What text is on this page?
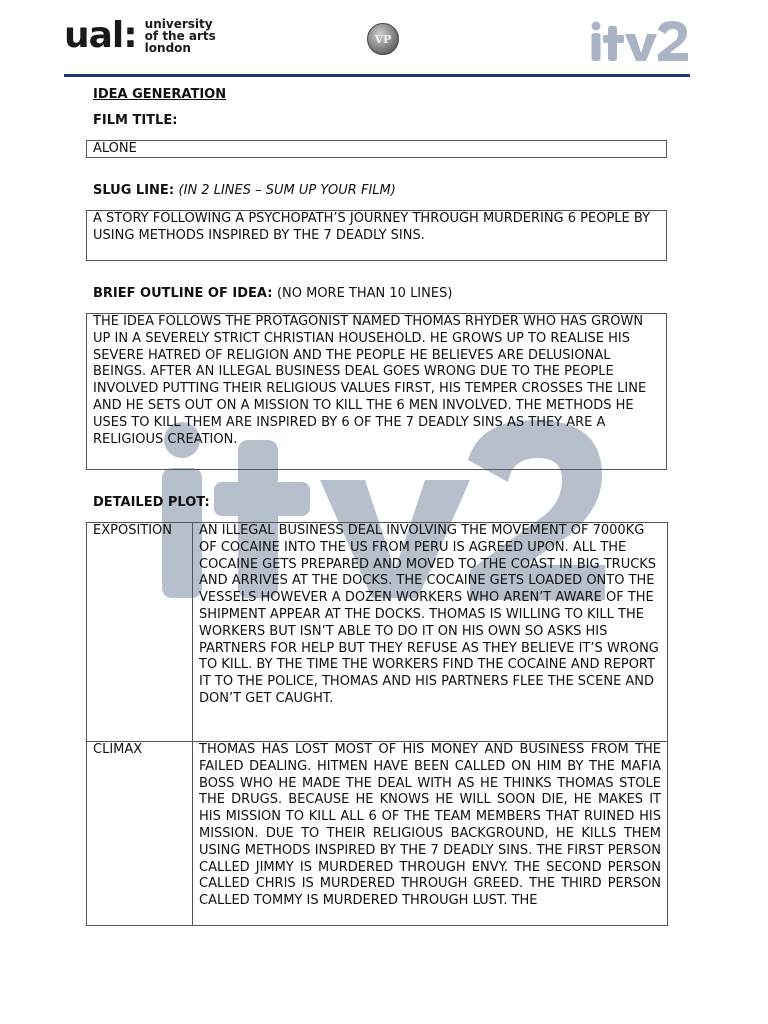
ual: university
of the arts
london
VP
IDEA GENERATION
FILM TITLE:

ALONE

SLUG LINE: (IN 2 LINES – SUM UP YOUR FILM)

A STORY FOLLOWING A PSYCHOPATH’S JOURNEY THROUGH MURDERING 6 PEOPLE BY USING METHODS INSPIRED BY THE 7 DEADLY SINS.

BRIEF OUTLINE OF IDEA: (NO MORE THAN 10 LINES)

THE IDEA FOLLOWS THE PROTAGONIST NAMED THOMAS RHYDER WHO HAS GROWN UP IN A SEVERELY STRICT CHRISTIAN HOUSEHOLD. HE GROWS UP TO REALISE HIS SEVERE HATRED OF RELIGION AND THE PEOPLE HE BELIEVES ARE DELUSIONAL BEINGS. AFTER AN ILLEGAL BUSINESS DEAL GOES WRONG DUE TO THE PEOPLE INVOLVED PUTTING THEIR RELIGIOUS VALUES FIRST, HIS TEMPER CROSSES THE LINE AND HE SETS OUT ON A MISSION TO KILL THE 6 MEN INVOLVED. THE METHODS HE USES TO KILL THEM ARE INSPIRED BY 6 OF THE 7 DEADLY SINS AS THEY ARE A RELIGIOUS CREATION.

DETAILED PLOT:
EXPOSITION	AN ILLEGAL BUSINESS DEAL INVOLVING THE MOVEMENT OF 7000KG OF COCAINE INTO THE US FROM PERU IS AGREED UPON. ALL THE COCAINE GETS PREPARED AND MOVED TO THE COAST IN BIG TRUCKS AND ARRIVES AT THE DOCKS. THE COCAINE GETS LOADED ONTO THE VESSELS HOWEVER A DOZEN WORKERS WHO AREN’T AWARE OF THE SHIPMENT APPEAR AT THE DOCKS. THOMAS IS WILLING TO KILL THE WORKERS BUT ISN’T ABLE TO DO IT ON HIS OWN SO ASKS HIS PARTNERS FOR HELP BUT THEY REFUSE AS THEY BELIEVE IT’S WRONG TO KILL. BY THE TIME THE WORKERS FIND THE COCAINE AND REPORT IT TO THE POLICE, THOMAS AND HIS PARTNERS FLEE THE SCENE AND DON’T GET CAUGHT.
CLIMAX	THOMAS HAS LOST MOST OF HIS MONEY AND BUSINESS FROM THE FAILED DEALING. HITMEN HAVE BEEN CALLED ON HIM BY THE MAFIA BOSS WHO HE MADE THE DEAL WITH AS HE THINKS THOMAS STOLE THE DRUGS. BECAUSE HE KNOWS HE WILL SOON DIE, HE MAKES IT HIS MISSION TO KILL ALL 6 OF THE TEAM MEMBERS THAT RUINED HIS MISSION. DUE TO THEIR RELIGIOUS BACKGROUND, HE KILLS THEM USING METHODS INSPIRED BY THE 7 DEADLY SINS. THE FIRST PERSON CALLED JIMMY IS MURDERED THROUGH ENVY. THE SECOND PERSON CALLED CHRIS IS MURDERED THROUGH GREED. THE THIRD PERSON CALLED TOMMY IS MURDERED THROUGH LUST. THE
